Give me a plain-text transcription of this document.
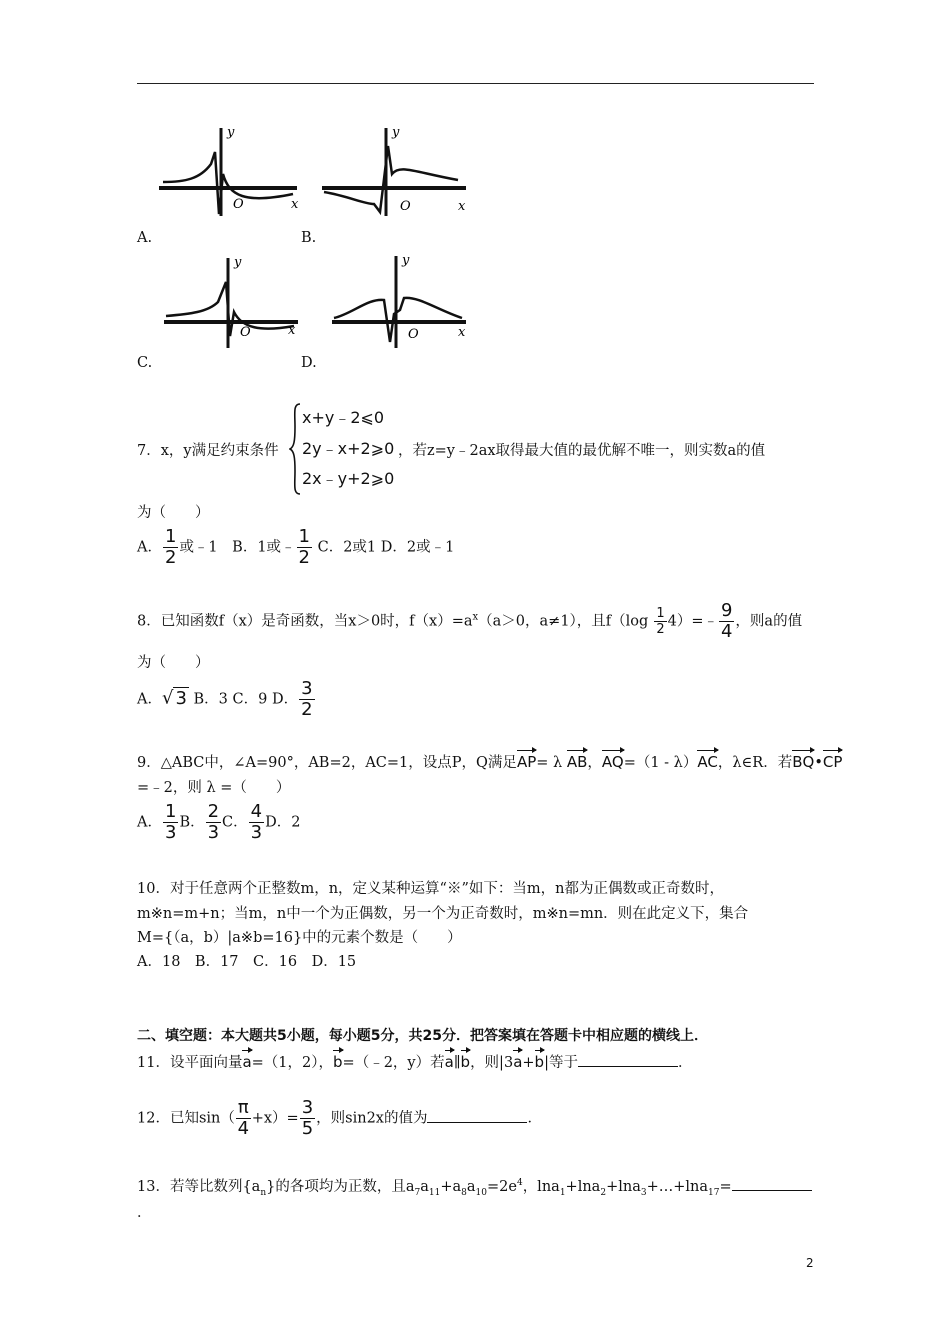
y
x
O
A.
y
x
O
B.
y
x
O
C.
y
x
O
D.
7．x，y满足约束条件
x+y﹣2⩽0
2y﹣x+2⩾0
2x﹣y+2⩾0
，若z=y﹣2ax取得最大值的最优解不唯一，则实数a的值
为（　　）
A． $\frac{1}{2}$ 或﹣1　B．1或﹣ $\frac{1}{2}$ C．2或1 D．2或﹣1
8．已知函数f（x）是奇函数，当x＞0时，$f(x)=a^x(a>0$，a≠1），且$f(\log \frac{1}{2}$ 4）=﹣ $\frac{9}{4}$ ，则a的值
为（　　）
A．√ 3 B．3 C．9 D． $\frac{3}{2}$
9．△ABC中，∠A=90°，AB=2，AC=1，设点P，Q满足AP= λ AB，AQ=（1 - λ）AC，λ∈R．若BQ•CP
=﹣2，则 λ =（　　）
A． $\frac{1}{3}$ B． $\frac{2}{3}$ C． $\frac{4}{3}$ D．2
10．对于任意两个正整数m，n，定义某种运算“※”如下：当m，n都为正偶数或正奇数时，
m※n=m+n；当m，n中一个为正偶数，另一个为正奇数时，m※n=mn．则在此定义下，集合
M={（a，b）|a※b=16}中的元素个数是（　　）
A．18　B．17　C．16　D．15
二、填空题：本大题共5小题，每小题5分，共25分．把答案填在答题卡中相应题的横线上．
11．设平面向量a=（1，2），b=（﹣2，y）若a∥b，则|3a+b|等于	．
12．已知$\sin( \frac{\pi}{4} +x)= \frac{3}{5}$ ，则sin2x的值为	．
13．若等比数列$\{a_n\}$的各项均为正数，且$a_7a_{11}+a_8a_{10}=2e^4$，lna$_1$+lna$_2$+lna$_3$+…+lna$_{17}$=
．
2
